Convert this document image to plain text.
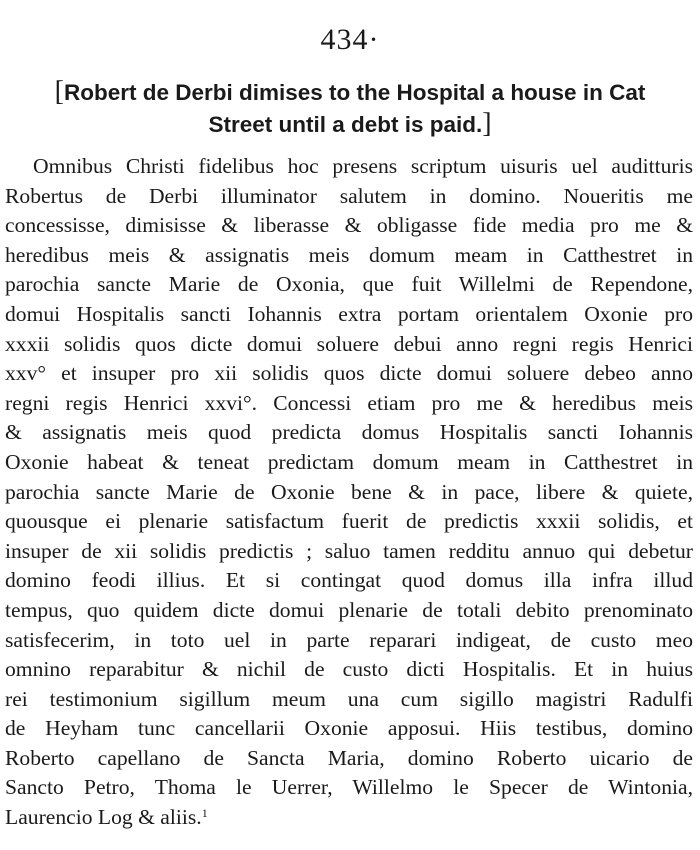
434·
[Robert de Derbi dimises to the Hospital a house in Cat
Street until a debt is paid.]
Omnibus Christi fidelibus hoc presens scriptum uisuris uel auditturis
Robertus de Derbi illuminator salutem in domino. Noueritis me
concessisse, dimisisse & liberasse & obligasse fide media pro me &
heredibus meis & assignatis meis domum meam in Catthestret in
parochia sancte Marie de Oxonia, que fuit Willelmi de Rependone,
domui Hospitalis sancti Iohannis extra portam orientalem Oxonie pro
xxxii solidis quos dicte domui soluere debui anno regni regis Henrici
xxv° et insuper pro xii solidis quos dicte domui soluere debeo anno
regni regis Henrici xxvi°. Concessi etiam pro me & heredibus meis
& assignatis meis quod predicta domus Hospitalis sancti Iohannis
Oxonie habeat & teneat predictam domum meam in Catthestret in
parochia sancte Marie de Oxonie bene & in pace, libere & quiete,
quousque ei plenarie satisfactum fuerit de predictis xxxii solidis, et
insuper de xii solidis predictis ; saluo tamen redditu annuo qui debetur
domino feodi illius. Et si contingat quod domus illa infra illud
tempus, quo quidem dicte domui plenarie de totali debito prenominato
satisfecerim, in toto uel in parte reparari indigeat, de custo meo
omnino reparabitur & nichil de custo dicti Hospitalis. Et in huius
rei testimonium sigillum meum una cum sigillo magistri Radulfi
de Heyham tunc cancellarii Oxonie apposui. Hiis testibus, domino
Roberto capellano de Sancta Maria, domino Roberto uicario de
Sancto Petro, Thoma le Uerrer, Willelmo le Specer de Wintonia,
Laurencio Log & aliis.$^1$
